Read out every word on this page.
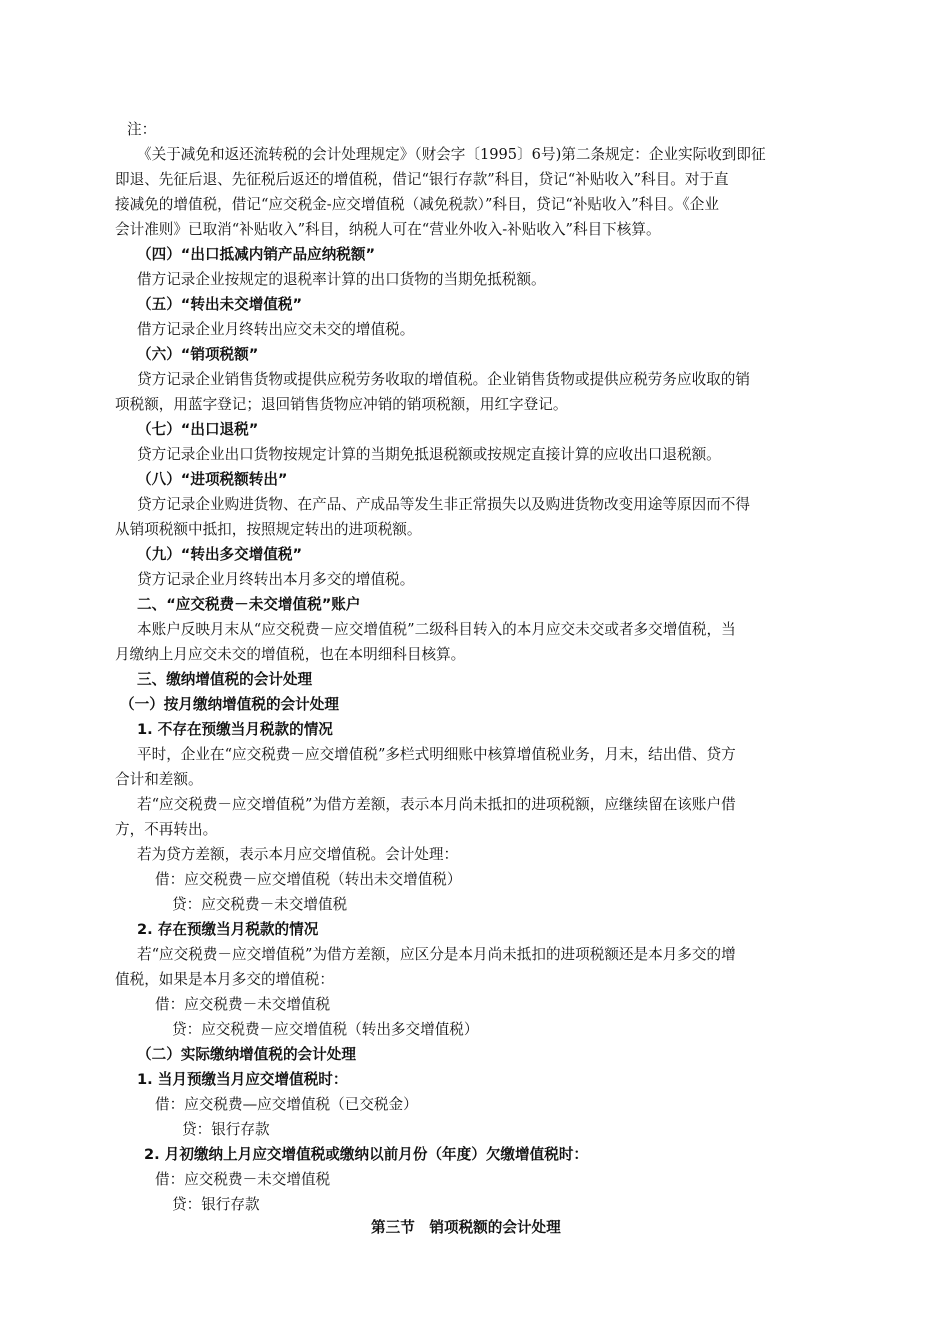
注：
《关于减免和返还流转税的会计处理规定》（财会字〔1995〕6号)第二条规定：企业实际收到即征
即退、先征后退、先征税后返还的增值税，借记“银行存款”科目，贷记“补贴收入”科目。对于直
接减免的增值税，借记“应交税金-应交增值税（减免税款）”科目，贷记“补贴收入”科目。《企业
会计准则》已取消“补贴收入”科目，纳税人可在“营业外收入-补贴收入”科目下核算。
（四）“出口抵减内销产品应纳税额”
借方记录企业按规定的退税率计算的出口货物的当期免抵税额。
（五）“转出未交增值税”
借方记录企业月终转出应交未交的增值税。
（六）“销项税额”
贷方记录企业销售货物或提供应税劳务收取的增值税。企业销售货物或提供应税劳务应收取的销
项税额，用蓝字登记；退回销售货物应冲销的销项税额，用红字登记。
（七）“出口退税”
贷方记录企业出口货物按规定计算的当期免抵退税额或按规定直接计算的应收出口退税额。
（八）“进项税额转出”
贷方记录企业购进货物、在产品、产成品等发生非正常损失以及购进货物改变用途等原因而不得
从销项税额中抵扣，按照规定转出的进项税额。
（九）“转出多交增值税”
贷方记录企业月终转出本月多交的增值税。
二、“应交税费－未交增值税”账户
本账户反映月末从“应交税费－应交增值税”二级科目转入的本月应交未交或者多交增值税，当
月缴纳上月应交未交的增值税，也在本明细科目核算。
三、缴纳增值税的会计处理
（一）按月缴纳增值税的会计处理
1. 不存在预缴当月税款的情况
平时，企业在“应交税费－应交增值税”多栏式明细账中核算增值税业务，月末，结出借、贷方
合计和差额。
若“应交税费－应交增值税”为借方差额，表示本月尚未抵扣的进项税额，应继续留在该账户借
方，不再转出。
若为贷方差额，表示本月应交增值税。会计处理：
借：应交税费－应交增值税（转出未交增值税）
贷：应交税费－未交增值税
2. 存在预缴当月税款的情况
若“应交税费－应交增值税”为借方差额，应区分是本月尚未抵扣的进项税额还是本月多交的增
值税，如果是本月多交的增值税：
借：应交税费－未交增值税
贷：应交税费－应交增值税（转出多交增值税）
（二）实际缴纳增值税的会计处理
1. 当月预缴当月应交增值税时：
借：应交税费—应交增值税（已交税金）
贷：银行存款
2. 月初缴纳上月应交增值税或缴纳以前月份（年度）欠缴增值税时：
借：应交税费－未交增值税
贷：银行存款
第三节　销项税额的会计处理
